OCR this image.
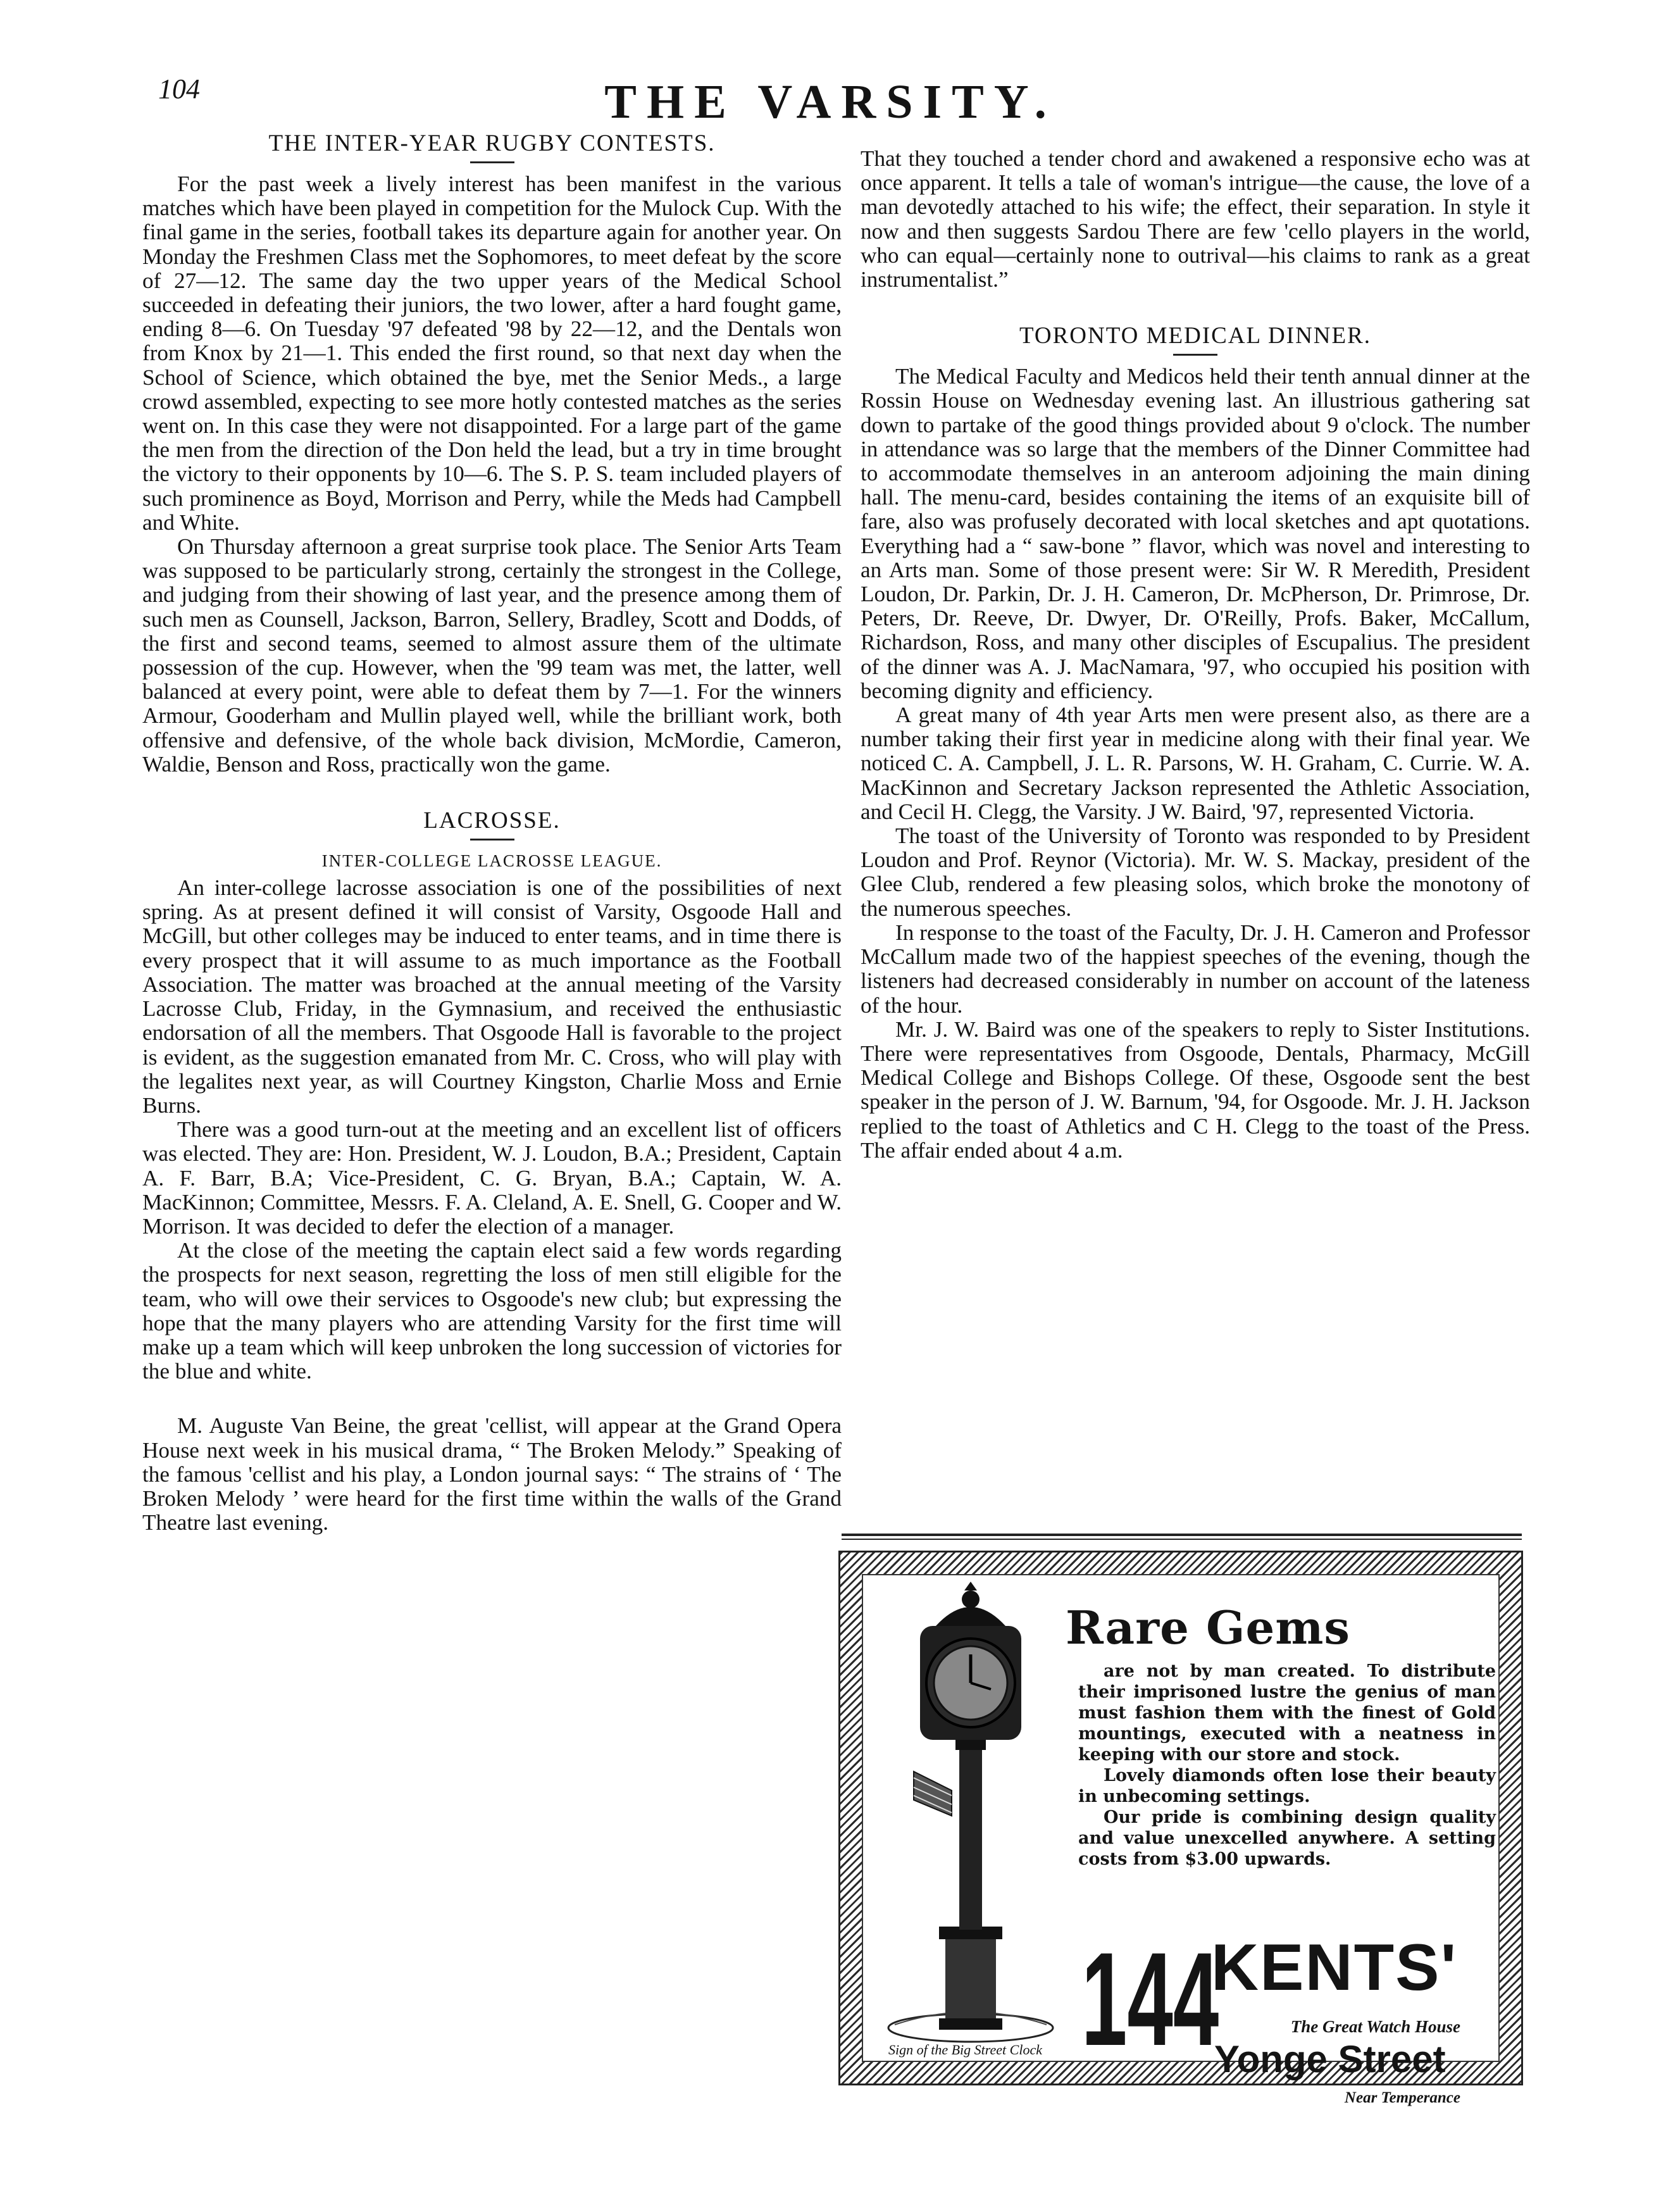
104	THE VARSITY.
THE INTER-YEAR RUGBY CONTESTS.

For the past week a lively interest has been manifest in the various matches which have been played in competition for the Mulock Cup. With the final game in the series, football takes its departure again for another year. On Monday the Freshmen Class met the Sophomores, to meet defeat by the score of 27—12. The same day the two upper years of the Medical School succeeded in defeating their juniors, the two lower, after a hard fought game, ending 8—6. On Tuesday '97 defeated '98 by 22—12, and the Dentals won from Knox by 21—1. This ended the first round, so that next day when the School of Science, which obtained the bye, met the Senior Meds., a large crowd assembled, expecting to see more hotly contested matches as the series went on. In this case they were not disappointed. For a large part of the game the men from the direction of the Don held the lead, but a try in time brought the victory to their opponents by 10—6. The S. P. S. team included players of such prominence as Boyd, Morrison and Perry, while the Meds had Campbell and White.

On Thursday afternoon a great surprise took place. The Senior Arts Team was supposed to be particularly strong, certainly the strongest in the College, and judging from their showing of last year, and the presence among them of such men as Counsell, Jackson, Barron, Sellery, Bradley, Scott and Dodds, of the first and second teams, seemed to almost assure them of the ultimate possession of the cup. However, when the '99 team was met, the latter, well balanced at every point, were able to defeat them by 7—1. For the winners Armour, Gooderham and Mullin played well, while the brilliant work, both offensive and defensive, of the whole back division, McMordie, Cameron, Waldie, Benson and Ross, practically won the game.

LACROSSE.
INTER-COLLEGE LACROSSE LEAGUE.

An inter-college lacrosse association is one of the possibilities of next spring. As at present defined it will consist of Varsity, Osgoode Hall and McGill, but other colleges may be induced to enter teams, and in time there is every prospect that it will assume to as much importance as the Football Association. The matter was broached at the annual meeting of the Varsity Lacrosse Club, Friday, in the Gymnasium, and received the enthusiastic endorsation of all the members. That Osgoode Hall is favorable to the project is evident, as the suggestion emanated from Mr. C. Cross, who will play with the legalites next year, as will Courtney Kingston, Charlie Moss and Ernie Burns.

There was a good turn-out at the meeting and an excellent list of officers was elected. They are: Hon. President, W. J. Loudon, B.A.; President, Captain A. F. Barr, B.A; Vice-President, C. G. Bryan, B.A.; Captain, W. A. MacKinnon; Committee, Messrs. F. A. Cleland, A. E. Snell, G. Cooper and W. Morrison. It was decided to defer the election of a manager.

At the close of the meeting the captain elect said a few words regarding the prospects for next season, regretting the loss of men still eligible for the team, who will owe their services to Osgoode's new club; but expressing the hope that the many players who are attending Varsity for the first time will make up a team which will keep unbroken the long succession of victories for the blue and white.

M. Auguste Van Beine, the great 'cellist, will appear at the Grand Opera House next week in his musical drama, “ The Broken Melody.” Speaking of the famous 'cellist and his play, a London journal says: “ The strains of ‘ The Broken Melody ’ were heard for the first time within the walls of the Grand Theatre last evening.

That they touched a tender chord and awakened a responsive echo was at once apparent. It tells a tale of woman's intrigue—the cause, the love of a man devotedly attached to his wife; the effect, their separation. In style it now and then suggests Sardou There are few 'cello players in the world, who can equal—certainly none to outrival—his claims to rank as a great instrumentalist.”

TORONTO MEDICAL DINNER.

The Medical Faculty and Medicos held their tenth annual dinner at the Rossin House on Wednesday evening last. An illustrious gathering sat down to partake of the good things provided about 9 o'clock. The number in attendance was so large that the members of the Dinner Committee had to accommodate themselves in an anteroom adjoining the main dining hall. The menu-card, besides containing the items of an exquisite bill of fare, also was profusely decorated with local sketches and apt quotations. Everything had a “ saw-bone ” flavor, which was novel and interesting to an Arts man. Some of those present were: Sir W. R Meredith, President Loudon, Dr. Parkin, Dr. J. H. Cameron, Dr. McPherson, Dr. Primrose, Dr. Peters, Dr. Reeve, Dr. Dwyer, Dr. O'Reilly, Profs. Baker, McCallum, Richardson, Ross, and many other disciples of Escupalius. The president of the dinner was A. J. MacNamara, '97, who occupied his position with becoming dignity and efficiency.

A great many of 4th year Arts men were present also, as there are a number taking their first year in medicine along with their final year. We noticed C. A. Campbell, J. L. R. Parsons, W. H. Graham, C. Currie. W. A. MacKinnon and Secretary Jackson represented the Athletic Association, and Cecil H. Clegg, the Varsity. J W. Baird, '97, represented Victoria.

The toast of the University of Toronto was responded to by President Loudon and Prof. Reynor (Victoria). Mr. W. S. Mackay, president of the Glee Club, rendered a few pleasing solos, which broke the monotony of the numerous speeches.

In response to the toast of the Faculty, Dr. J. H. Cameron and Professor McCallum made two of the happiest speeches of the evening, though the listeners had decreased considerably in number on account of the lateness of the hour.

Mr. J. W. Baird was one of the speakers to reply to Sister Institutions. There were representatives from Osgoode, Dentals, Pharmacy, McGill Medical College and Bishops College. Of these, Osgoode sent the best speaker in the person of J. W. Barnum, '94, for Osgoode. Mr. J. H. Jackson replied to the toast of Athletics and C H. Clegg to the toast of the Press. The affair ended about 4 a.m.

Sign of the Big Street Clock
Rare Gems

are not by man created. To distribute their imprisoned lustre the genius of man must fashion them with the finest of Gold mountings, executed with a neatness in keeping with our store and stock.

Lovely diamonds often lose their beauty in unbecoming settings.

Our pride is combining design quality and value unexcelled anywhere. A setting costs from $3.00 upwards.

144
KENTS'
The Great Watch House
Yonge Street
Near Temperance
